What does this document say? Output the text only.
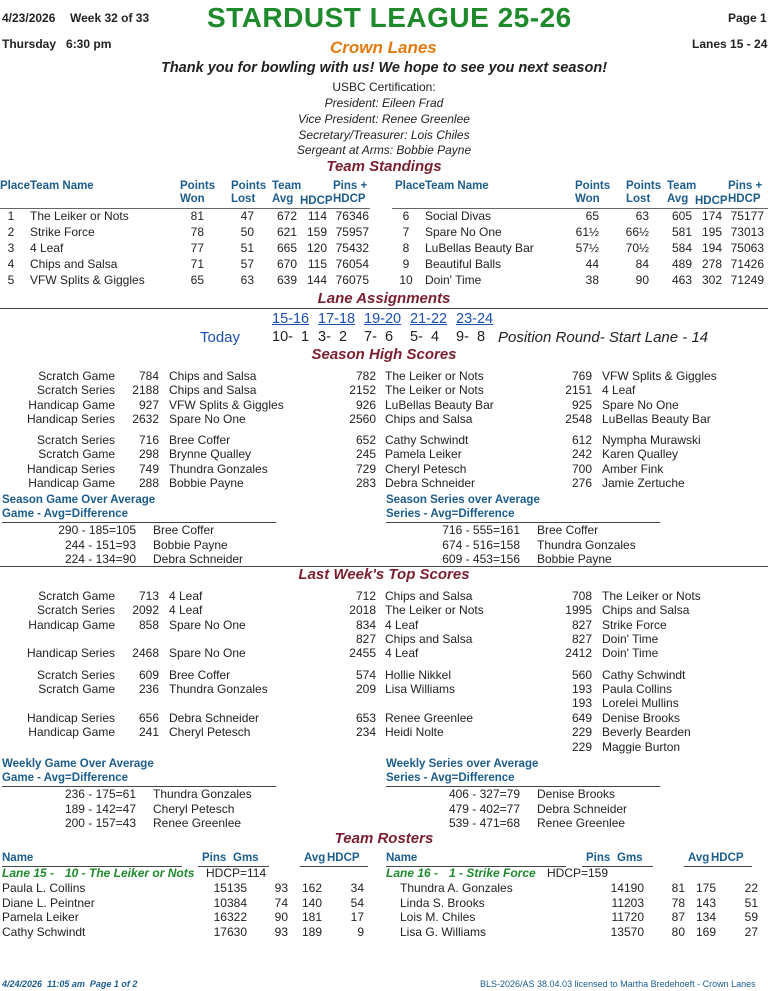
4/23/2026 Week 32 of 33 STARDUST LEAGUE 25-26	Page 1
Thursday   6:30 pm	Crown Lanes	Lanes 15 - 24
Thank you for bowling with us! We hope to see you next season!
USBC Certification:
President: Eileen Frad
Vice President: Renee Greenlee
Secretary/Treasurer: Lois Chiles
Sergeant at Arms: Bobbie Payne
Team Standings
Place Team Name	Points
Won
Points
Lost
Team
Avg HDCP
Pins +
HDCP
1	The Leiker or Nots	81	47	672 114 76346
2	Strike Force	78	50	621 159 75957
3	4 Leaf	77	51	665 120 75432
4	Chips and Salsa	71	57	670 115 76054
5	VFW Splits & Giggles	65	63	639 144 76075
Place Team Name	Points
Won
Points
Lost
Team
Avg HDCP
Pins +
HDCP
6	Social Divas	65	63	605 174 75177
7	Spare No One	61½	66½	581 195 73013
8	LuBellas Beauty Bar	57½	70½	584 194 75063
9	Beautiful Balls	44	84	489 278 71426
10 Doin' Time	38	90	463 302 71249
Lane Assignments
Today
15-16
10-  1
17-18
3-  2
19-20
7-  6
21-22
5-  4
23-24
9-  8 Position Round- Start Lane - 14
Season High Scores
Scratch Game	784 Chips and Salsa	782 The Leiker or Nots	769 VFW Splits & Giggles
Scratch Series	2188 Chips and Salsa	2152 The Leiker or Nots	2151 4 Leaf
Handicap Game	927 VFW Splits & Giggles	926 LuBellas Beauty Bar	925 Spare No One
Handicap Series	2632 Spare No One	2560 Chips and Salsa	2548 LuBellas Beauty Bar
Scratch Series	716 Bree Coffer	652 Cathy Schwindt	612 Nympha Murawski
Scratch Game	298 Brynne Qualley	245 Pamela Leiker	242 Karen Qualley
Handicap Series	749 Thundra Gonzales	729 Cheryl Petesch	700 Amber Fink
Handicap Game	288 Bobbie Payne	283 Debra Schneider	276 Jamie Zertuche
Season Game Over Average
Game - Avg=Difference
290 - 185=105 Bree Coffer
244 - 151=93 Bobbie Payne
224 - 134=90 Debra Schneider
Season Series over Average
Series - Avg=Difference
716 - 555=161 Bree Coffer
674 - 516=158 Thundra Gonzales
609 - 453=156 Bobbie Payne
Last Week's Top Scores
Scratch Game	713 4 Leaf	712 Chips and Salsa	708 The Leiker or Nots
Scratch Series	2092 4 Leaf	2018 The Leiker or Nots	1995 Chips and Salsa
Handicap Game	858 Spare No One	834 4 Leaf	827 Strike Force
827 Chips and Salsa	827 Doin' Time
Handicap Series	2468 Spare No One	2455 4 Leaf	2412 Doin' Time
Scratch Series	609 Bree Coffer	574 Hollie Nikkel	560 Cathy Schwindt
Scratch Game	236 Thundra Gonzales	209 Lisa Williams	193 Paula Collins
193 Lorelei Mullins
Handicap Series	656 Debra Schneider	653 Renee Greenlee	649 Denise Brooks
Handicap Game	241 Cheryl Petesch	234 Heidi Nolte	229 Beverly Bearden
229 Maggie Burton
Weekly Game Over Average
Game - Avg=Difference
236 - 175=61 Thundra Gonzales
189 - 142=47 Cheryl Petesch
200 - 157=43 Renee Greenlee
Weekly Series over Average
Series - Avg=Difference
406 - 327=79 Denise Brooks
479 - 402=77 Debra Schneider
539 - 471=68 Renee Greenlee
Team Rosters
Name	Pins Gms	Avg HDCP
Lane 15 - 10 - The Leiker or Nots HDCP=114
Paula L. Collins	15135	93	162	34
Diane L. Peintner	10384	74	140	54
Pamela Leiker	16322	90	181	17
Cathy Schwindt	17630	93	189	9
Name	Pins Gms	Avg HDCP
Lane 16 - 1 - Strike Force HDCP=159
Thundra A. Gonzales	14190	81 175	22
Linda S. Brooks	11203	78 143	51
Lois M. Chiles	11720	87 134	59
Lisa G. Williams	13570	80 169	27
4/24/2026  11:05 am  Page 1 of 2	BLS-2026/AS 38.04.03 licensed to Martha Bredehoeft - Crown Lanes
